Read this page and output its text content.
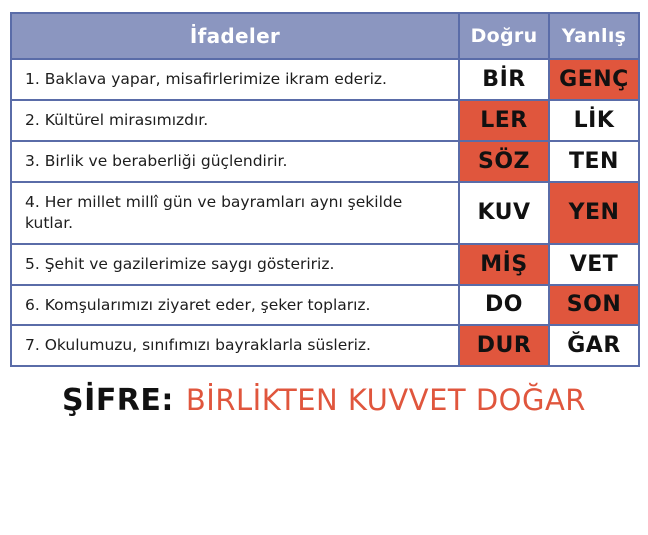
İfadeler	Doğru	Yanlış
1. Baklava yapar, misafirlerimize ikram ederiz.	BİR	GENÇ
2. Kültürel mirasımızdır.	LER	LİK
3. Birlik ve beraberliği güçlendirir.	SÖZ	TEN
4. Her millet millî gün ve bayramları aynı şekilde kutlar.	KUV	YEN
5. Şehit ve gazilerimize saygı gösteririz.	MİŞ	VET
6. Komşularımızı ziyaret eder, şeker toplarız.	DO	SON
7. Okulumuzu, sınıfımızı bayraklarla süsleriz.	DUR	ĞAR
ŞİFRE: BİRLİKTEN KUVVET DOĞAR
